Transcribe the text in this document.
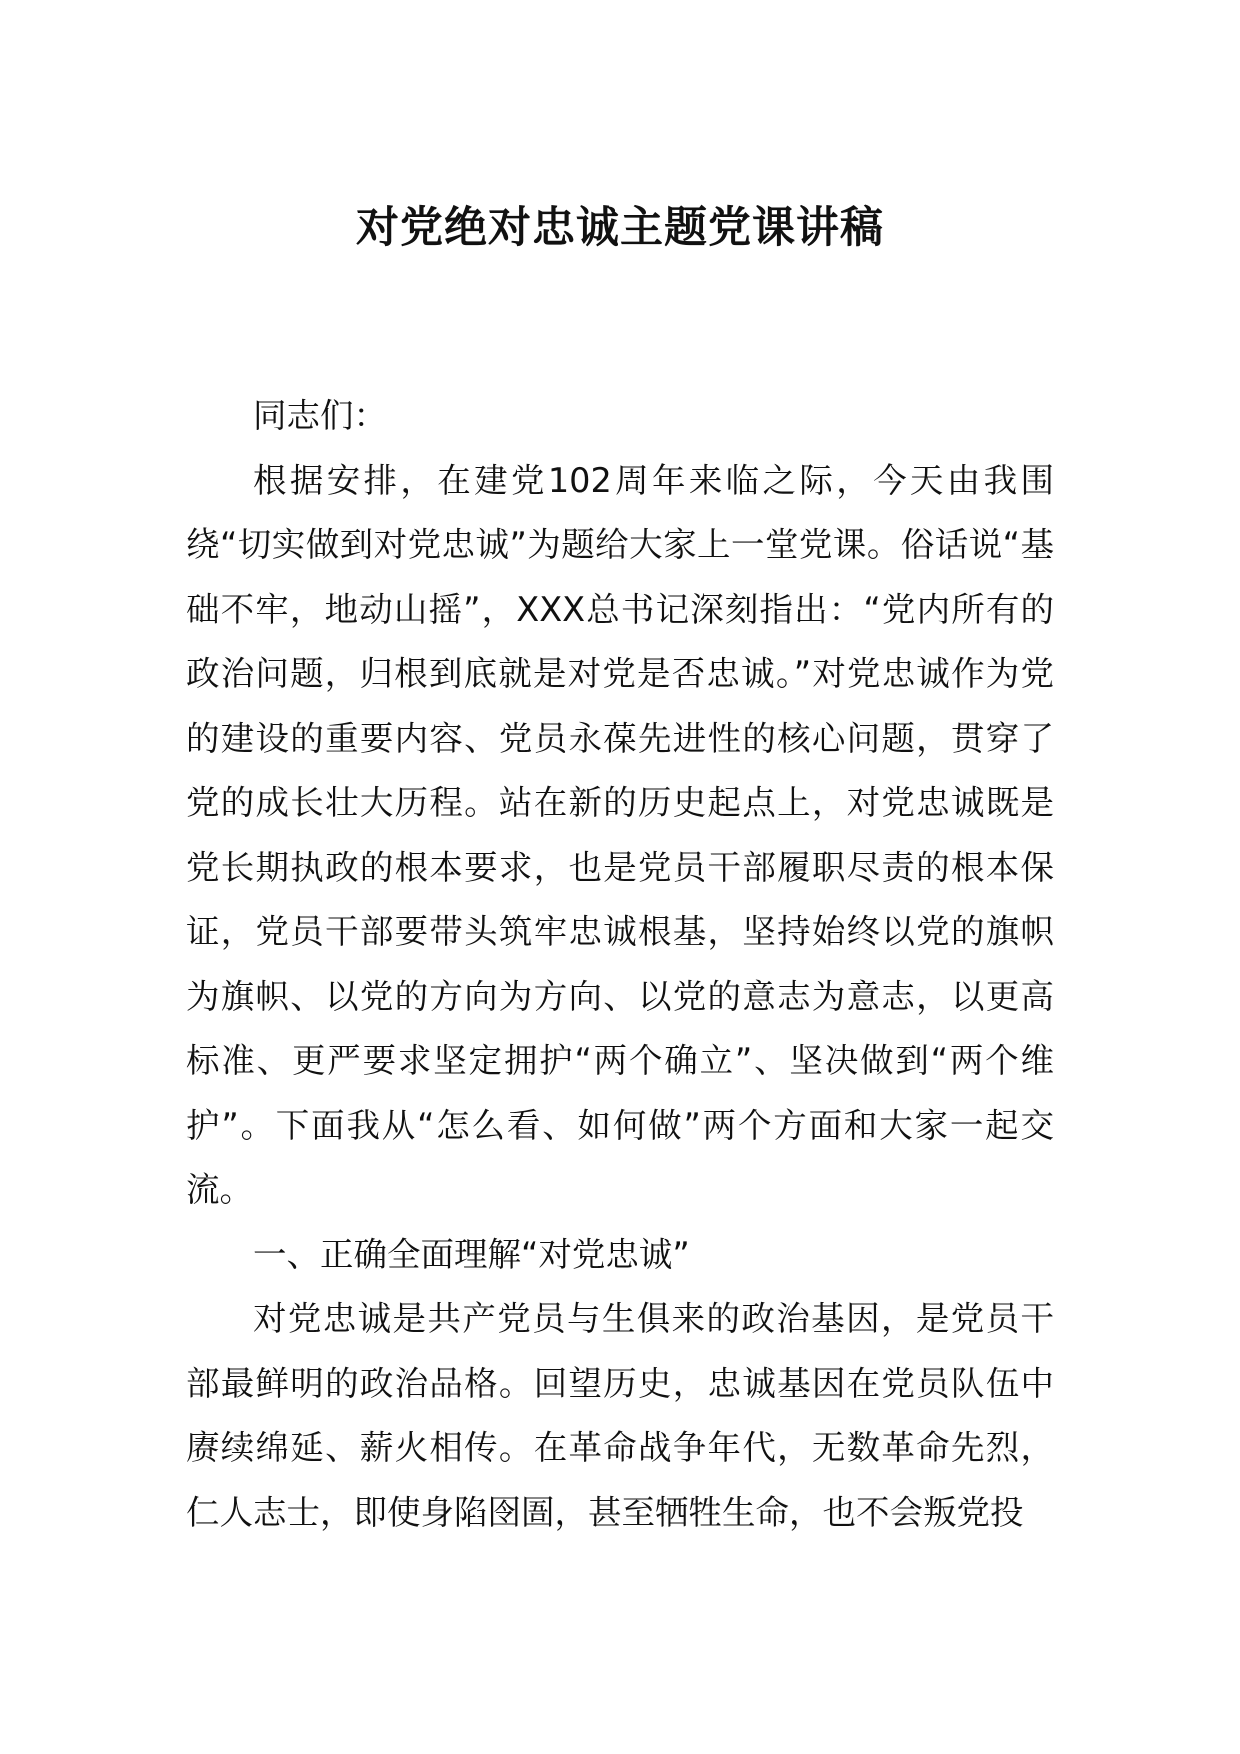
对党绝对忠诚主题党课讲稿

同志们：

根据安排，在建党102周年来临之际，今天由我围绕“切实做到对党忠诚”为题给大家上一堂党课。俗话说“基础不牢，地动山摇”，XXX总书记深刻指出：“党内所有的政治问题，归根到底就是对党是否忠诚。”对党忠诚作为党的建设的重要内容、党员永葆先进性的核心问题，贯穿了党的成长壮大历程。站在新的历史起点上，对党忠诚既是党长期执政的根本要求，也是党员干部履职尽责的根本保证，党员干部要带头筑牢忠诚根基，坚持始终以党的旗帜为旗帜、以党的方向为方向、以党的意志为意志，以更高标准、更严要求坚定拥护“两个确立”、坚决做到“两个维护”。下面我从“怎么看、如何做”两个方面和大家一起交流。

一、正确全面理解“对党忠诚”

对党忠诚是共产党员与生俱来的政治基因，是党员干部最鲜明的政治品格。回望历史，忠诚基因在党员队伍中赓续绵延、薪火相传。在革命战争年代，无数革命先烈，仁人志士，即使身陷囹圄，甚至牺牲生命，也不会叛党投
